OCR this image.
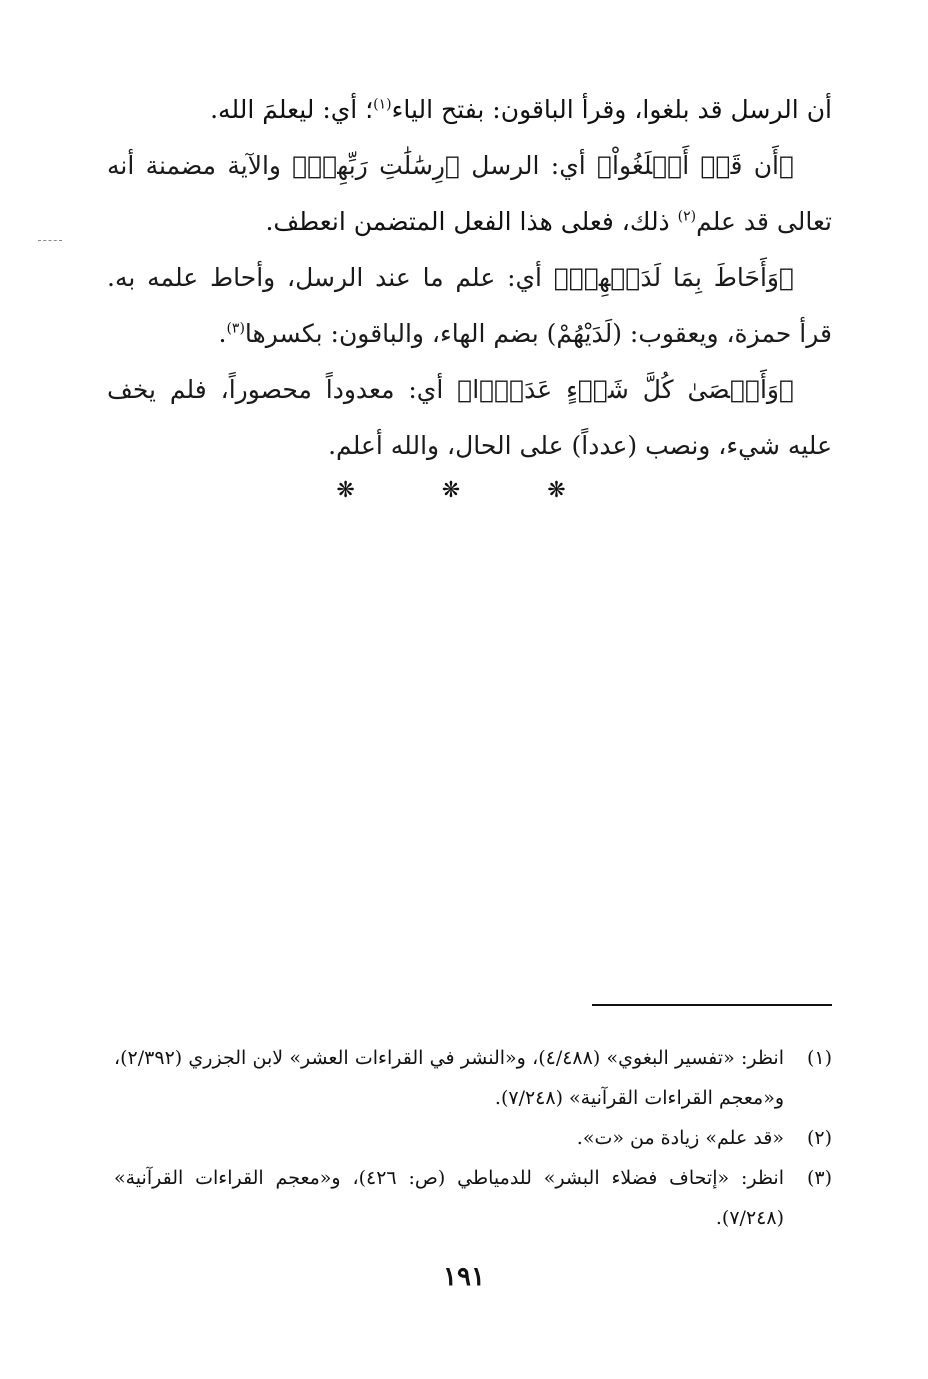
أن الرسل قد بلغوا، وقرأ الباقون: بفتح الياء$^{(١)}$؛ أي: ليعلمَ الله.

﴿أَن قَدۡ أَبۡلَغُواْ﴾ أي: الرسل ﴿رِسَٰلَٰتِ رَبِّهِمۡ﴾ والآية مضمنة أنه تعالى قد علم$^{(٢)}$ ذلك، فعلى هذا الفعل المتضمن انعطف.

﴿وَأَحَاطَ بِمَا لَدَيۡهِمۡ﴾ أي: علم ما عند الرسل، وأحاط علمه به. قرأ حمزة، ويعقوب: (لَدَيْهُمْ) بضم الهاء، والباقون: بكسرها$^{(٣)}$.

﴿وَأَحۡصَىٰ كُلَّ شَيۡءٍ عَدَدَۢا﴾ أي: معدوداً محصوراً، فلم يخف عليه شيء، ونصب (عدداً) على الحال، والله أعلم.

❋	❋	❋
(١)
انظر: «تفسير البغوي» (٤/٤٨٨)، و«النشر في القراءات العشر» لابن الجزري (٢/٣٩٢)، و«معجم القراءات القرآنية» (٧/٢٤٨).
(٢)
«قد علم» زيادة من «ت».
(٣)
انظر: «إتحاف فضلاء البشر» للدمياطي (ص: ٤٢٦)، و«معجم القراءات القرآنية» (٧/٢٤٨).
١٩١
